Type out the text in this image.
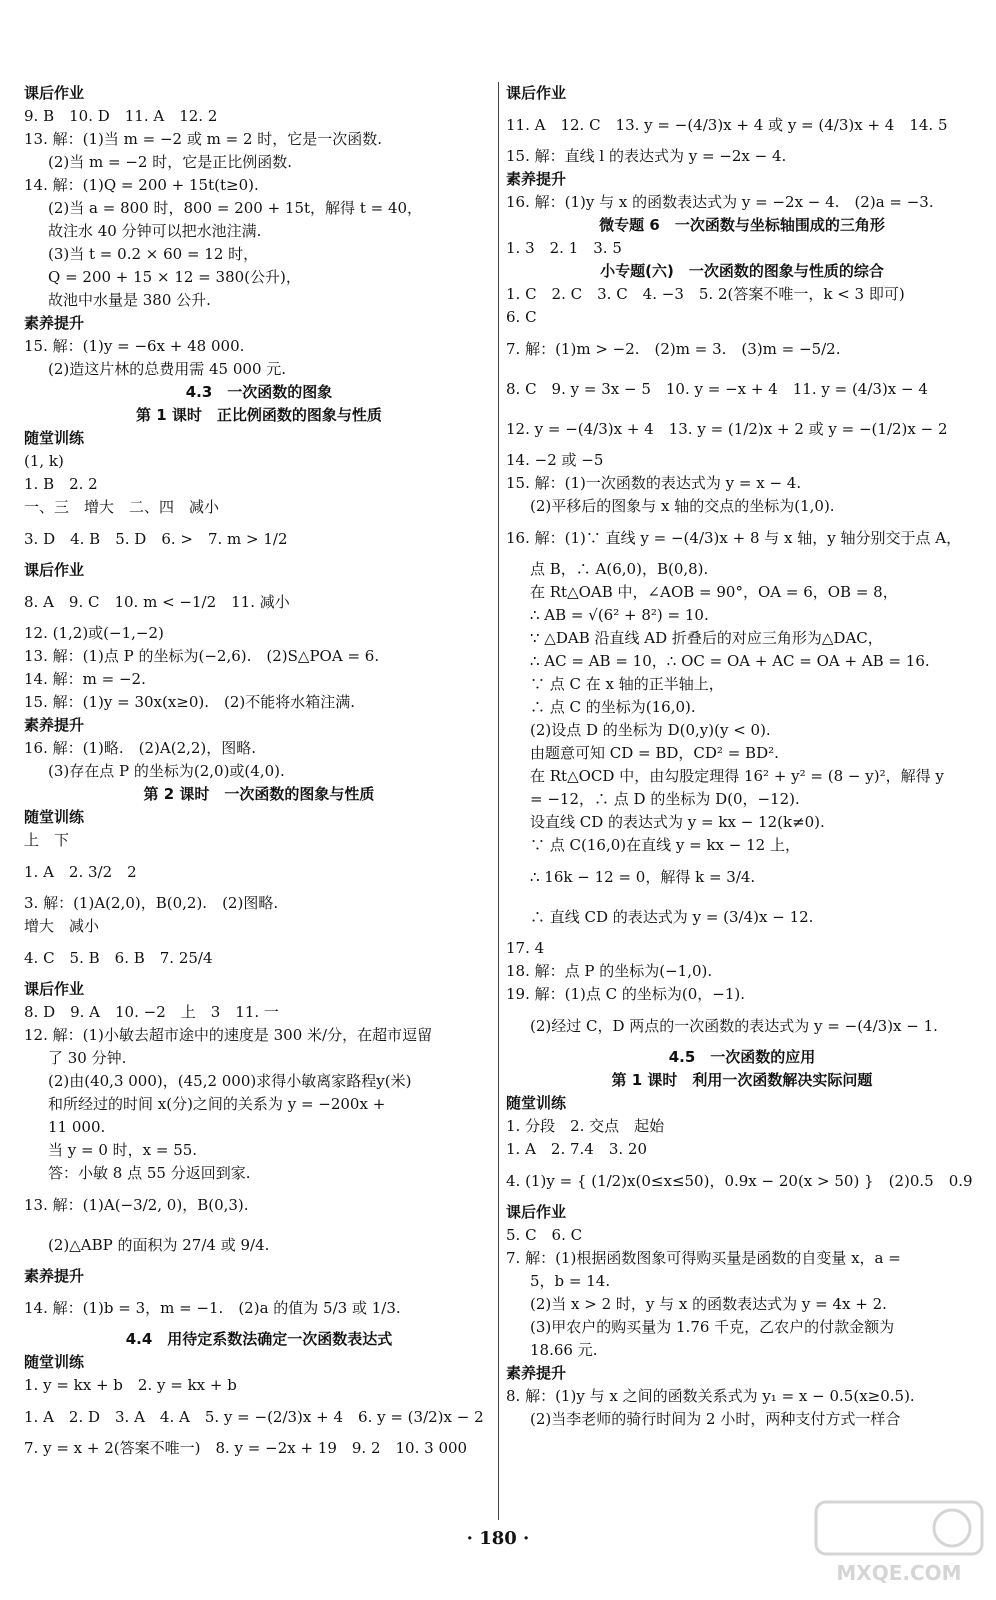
课后作业
9. B　10. D　11. A　12. 2
13. 解：(1)当 m = −2 或 m = 2 时，它是一次函数.
(2)当 m = −2 时，它是正比例函数.
14. 解：(1)Q = 200 + 15t(t≥0).
(2)当 a = 800 时，800 = 200 + 15t，解得 t = 40，
故注水 40 分钟可以把水池注满.
(3)当 t = 0.2 × 60 = 12 时，
Q = 200 + 15 × 12 = 380(公升)，
故池中水量是 380 公升.
素养提升
15. 解：(1)y = −6x + 48 000.
(2)造这片林的总费用需 45 000 元.
4.3　一次函数的图象
第 1 课时　正比例函数的图象与性质
随堂训练
(1, k)
1. B　2. 2
一、三　增大　二、四　减小
3. D　4. B　5. D　6. >　7. m > 1/2
课后作业
8. A　9. C　10. m < −1/2　11. 减小
12. (1,2)或(−1,−2)
13. 解：(1)点 P 的坐标为(−2,6).　(2)S△POA = 6.
14. 解：m = −2.
15. 解：(1)y = 30x(x≥0).　(2)不能将水箱注满.
素养提升
16. 解：(1)略.　(2)A(2,2)，图略.
(3)存在点 P 的坐标为(2,0)或(4,0).
第 2 课时　一次函数的图象与性质
随堂训练
上　下
1. A　2. 3/2　2
3. 解：(1)A(2,0)，B(0,2).　(2)图略.
增大　减小
4. C　5. B　6. B　7. 25/4
课后作业
8. D　9. A　10. −2　上　3　11. 一
12. 解：(1)小敏去超市途中的速度是 300 米/分，在超市逗留
了 30 分钟.
(2)由(40,3 000)，(45,2 000)求得小敏离家路程y(米)
和所经过的时间 x(分)之间的关系为 y = −200x +
11 000.
当 y = 0 时，x = 55.
答：小敏 8 点 55 分返回到家.
13. 解：(1)A(−3/2, 0)，B(0,3).
(2)△ABP 的面积为 27/4 或 9/4.
素养提升
14. 解：(1)b = 3，m = −1.　(2)a 的值为 5/3 或 1/3.
4.4　用待定系数法确定一次函数表达式
随堂训练
1. y = kx + b　2. y = kx + b
1. A　2. D　3. A　4. A　5. y = −(2/3)x + 4　6. y = (3/2)x − 2
7. y = x + 2(答案不唯一)　8. y = −2x + 19　9. 2　10. 3 000
课后作业
11. A　12. C　13. y = −(4/3)x + 4 或 y = (4/3)x + 4　14. 5
15. 解：直线 l 的表达式为 y = −2x − 4.
素养提升
16. 解：(1)y 与 x 的函数表达式为 y = −2x − 4.　(2)a = −3.
微专题 6　一次函数与坐标轴围成的三角形
1. 3　2. 1　3. 5
小专题(六)　一次函数的图象与性质的综合
1. C　2. C　3. C　4. −3　5. 2(答案不唯一，k < 3 即可)
6. C
7. 解：(1)m > −2.　(2)m = 3.　(3)m = −5/2.
8. C　9. y = 3x − 5　10. y = −x + 4　11. y = (4/3)x − 4
12. y = −(4/3)x + 4　13. y = (1/2)x + 2 或 y = −(1/2)x − 2
14. −2 或 −5
15. 解：(1)一次函数的表达式为 y = x − 4.
(2)平移后的图象与 x 轴的交点的坐标为(1,0).
16. 解：(1)∵ 直线 y = −(4/3)x + 8 与 x 轴，y 轴分别交于点 A，
点 B，∴ A(6,0)，B(0,8).
在 Rt△OAB 中，∠AOB = 90°，OA = 6，OB = 8，
∴ AB = √(6² + 8²) = 10.
∵ △DAB 沿直线 AD 折叠后的对应三角形为△DAC，
∴ AC = AB = 10，∴ OC = OA + AC = OA + AB = 16.
∵ 点 C 在 x 轴的正半轴上，
∴ 点 C 的坐标为(16,0).
(2)设点 D 的坐标为 D(0,y)(y < 0).
由题意可知 CD = BD，CD² = BD².
在 Rt△OCD 中，由勾股定理得 16² + y² = (8 − y)²，解得 y
= −12，∴ 点 D 的坐标为 D(0，−12).
设直线 CD 的表达式为 y = kx − 12(k≠0).
∵ 点 C(16,0)在直线 y = kx − 12 上，
∴ 16k − 12 = 0，解得 k = 3/4.
∴ 直线 CD 的表达式为 y = (3/4)x − 12.
17. 4
18. 解：点 P 的坐标为(−1,0).
19. 解：(1)点 C 的坐标为(0，−1).
(2)经过 C，D 两点的一次函数的表达式为 y = −(4/3)x − 1.
4.5　一次函数的应用
第 1 课时　利用一次函数解决实际问题
随堂训练
1. 分段　2. 交点　起始
1. A　2. 7.4　3. 20
4. (1)y = { (1/2)x(0≤x≤50)，0.9x − 20(x > 50) }　(2)0.5　0.9
课后作业
5. C　6. C
7. 解：(1)根据函数图象可得购买量是函数的自变量 x，a =
5，b = 14.
(2)当 x > 2 时，y 与 x 的函数表达式为 y = 4x + 2.
(3)甲农户的购买量为 1.76 千克，乙农户的付款金额为
18.66 元.
素养提升
8. 解：(1)y 与 x 之间的函数关系式为 y₁ = x − 0.5(x≥0.5).
(2)当李老师的骑行时间为 2 小时，两种支付方式一样合
· 180 ·
MXQE.COM
